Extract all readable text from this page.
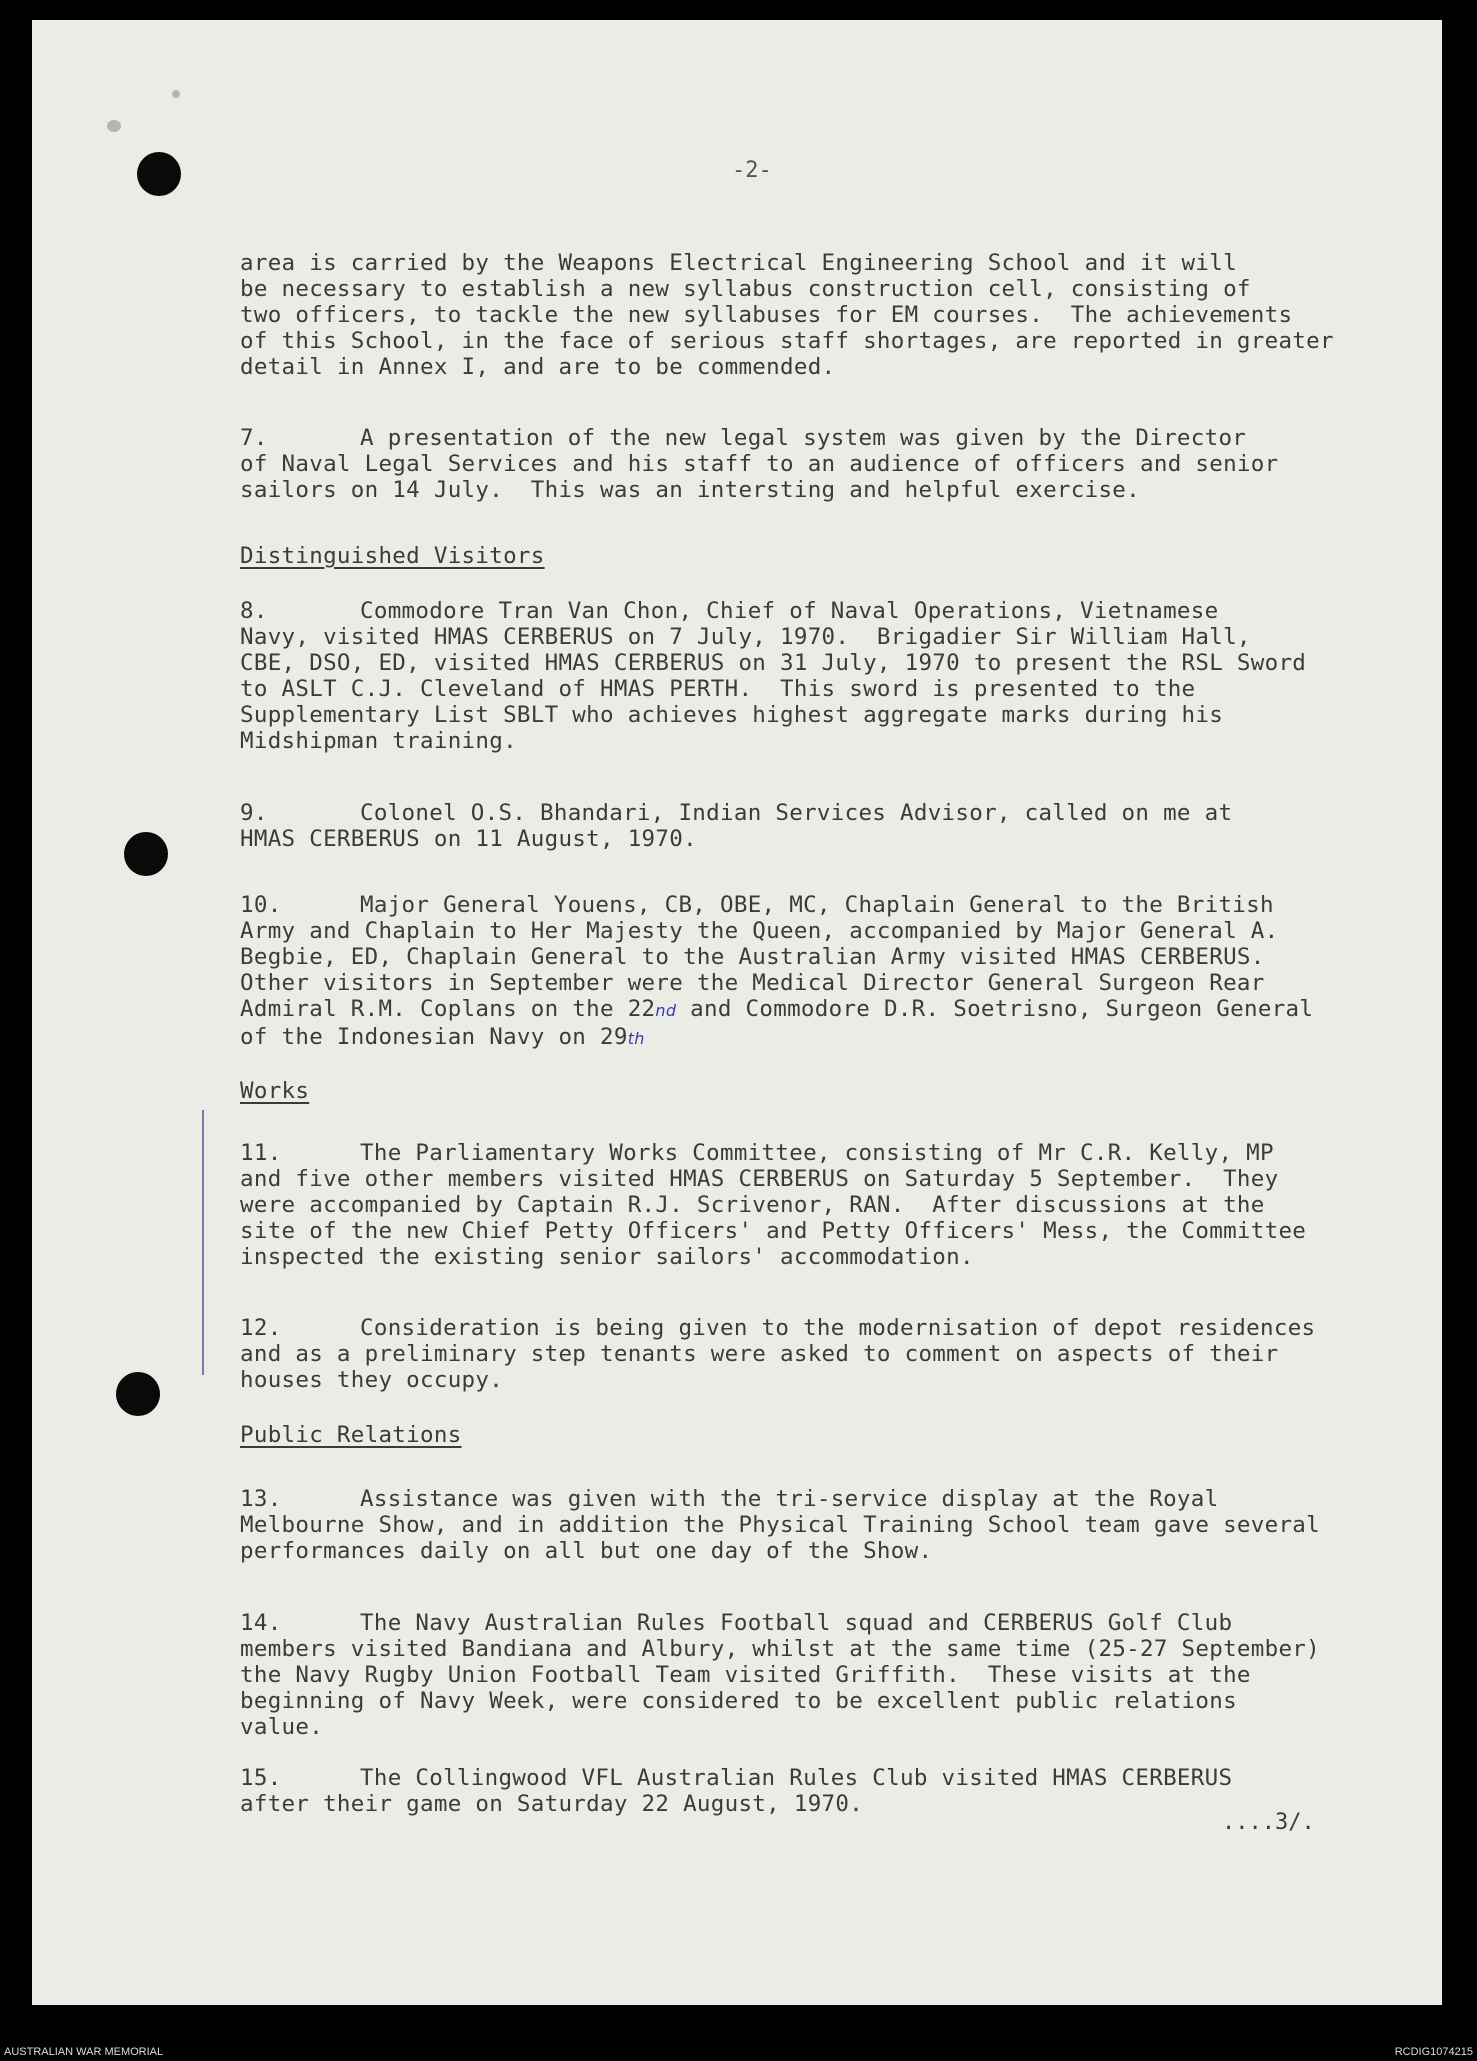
-2-
area is carried by the Weapons Electrical Engineering School and it will
be necessary to establish a new syllabus construction cell, consisting of
two officers, to tackle the new syllabuses for EM courses.  The achievements
of this School, in the face of serious staff shortages, are reported in greater
detail in Annex I, and are to be commended.
7.	A presentation of the new legal system was given by the Director
of Naval Legal Services and his staff to an audience of officers and senior
sailors on 14 July.  This was an intersting and helpful exercise.
Distinguished Visitors
8.	Commodore Tran Van Chon, Chief of Naval Operations, Vietnamese
Navy, visited HMAS CERBERUS on 7 July, 1970.  Brigadier Sir William Hall,
CBE, DSO, ED, visited HMAS CERBERUS on 31 July, 1970 to present the RSL Sword
to ASLT C.J. Cleveland of HMAS PERTH.  This sword is presented to the
Supplementary List SBLT who achieves highest aggregate marks during his
Midshipman training.
9.	Colonel O.S. Bhandari, Indian Services Advisor, called on me at
HMAS CERBERUS on 11 August, 1970.
10.	Major General Youens, CB, OBE, MC, Chaplain General to the British
Army and Chaplain to Her Majesty the Queen, accompanied by Major General A.
Begbie, ED, Chaplain General to the Australian Army visited HMAS CERBERUS.
Other visitors in September were the Medical Director General Surgeon Rear
Admiral R.M. Coplans on the 22nd and Commodore D.R. Soetrisno, Surgeon General
of the Indonesian Navy on 29th
Works
11.	The Parliamentary Works Committee, consisting of Mr C.R. Kelly, MP
and five other members visited HMAS CERBERUS on Saturday 5 September.  They
were accompanied by Captain R.J. Scrivenor, RAN.  After discussions at the
site of the new Chief Petty Officers' and Petty Officers' Mess, the Committee
inspected the existing senior sailors' accommodation.
12.	Consideration is being given to the modernisation of depot residences
and as a preliminary step tenants were asked to comment on aspects of their
houses they occupy.
Public Relations
13.	Assistance was given with the tri-service display at the Royal
Melbourne Show, and in addition the Physical Training School team gave several
performances daily on all but one day of the Show.
14.	The Navy Australian Rules Football squad and CERBERUS Golf Club
members visited Bandiana and Albury, whilst at the same time (25-27 September)
the Navy Rugby Union Football Team visited Griffith.  These visits at the
beginning of Navy Week, were considered to be excellent public relations
value.
15.	The Collingwood VFL Australian Rules Club visited HMAS CERBERUS
after their game on Saturday 22 August, 1970.
....3/.
AUSTRALIAN WAR MEMORIAL	RCDIG1074215
